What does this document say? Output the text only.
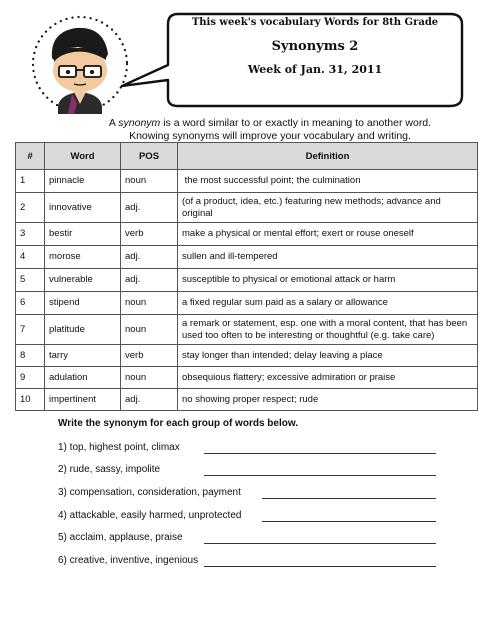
This week's vocabulary Words for 8th Grade
Synonyms 2
Week of Jan. 31, 2011
A synonym is a word similar to or exactly in meaning to another word.
Knowing synonyms will improve your vocabulary and writing.
#	Word	POS	Definition
1	pinnacle	noun	the most successful point; the culmination
2	innovative	adj.	(of a product, idea, etc.) featuring new methods; advance and original
3	bestir	verb	make a physical or mental effort; exert or rouse oneself
4	morose	adj.	sullen and ill-tempered
5	vulnerable	adj.	susceptible to physical or emotional attack or harm
6	stipend	noun	a fixed regular sum paid as a salary or allowance
7	platitude	noun	a remark or statement, esp. one with a moral content, that has been used too often to be interesting or thoughtful (e.g. take care)
8	tarry	verb	stay longer than intended; delay leaving a place
9	adulation	noun	obsequious flattery; excessive admiration or praise
10	impertinent	adj.	no showing proper respect; rude
Write the synonym for each group of words below.
1) top, highest point, climax
2) rude, sassy, impolite
3) compensation, consideration, payment
4) attackable, easily harmed, unprotected
5) acclaim, applause, praise
6) creative, inventive, ingenious
